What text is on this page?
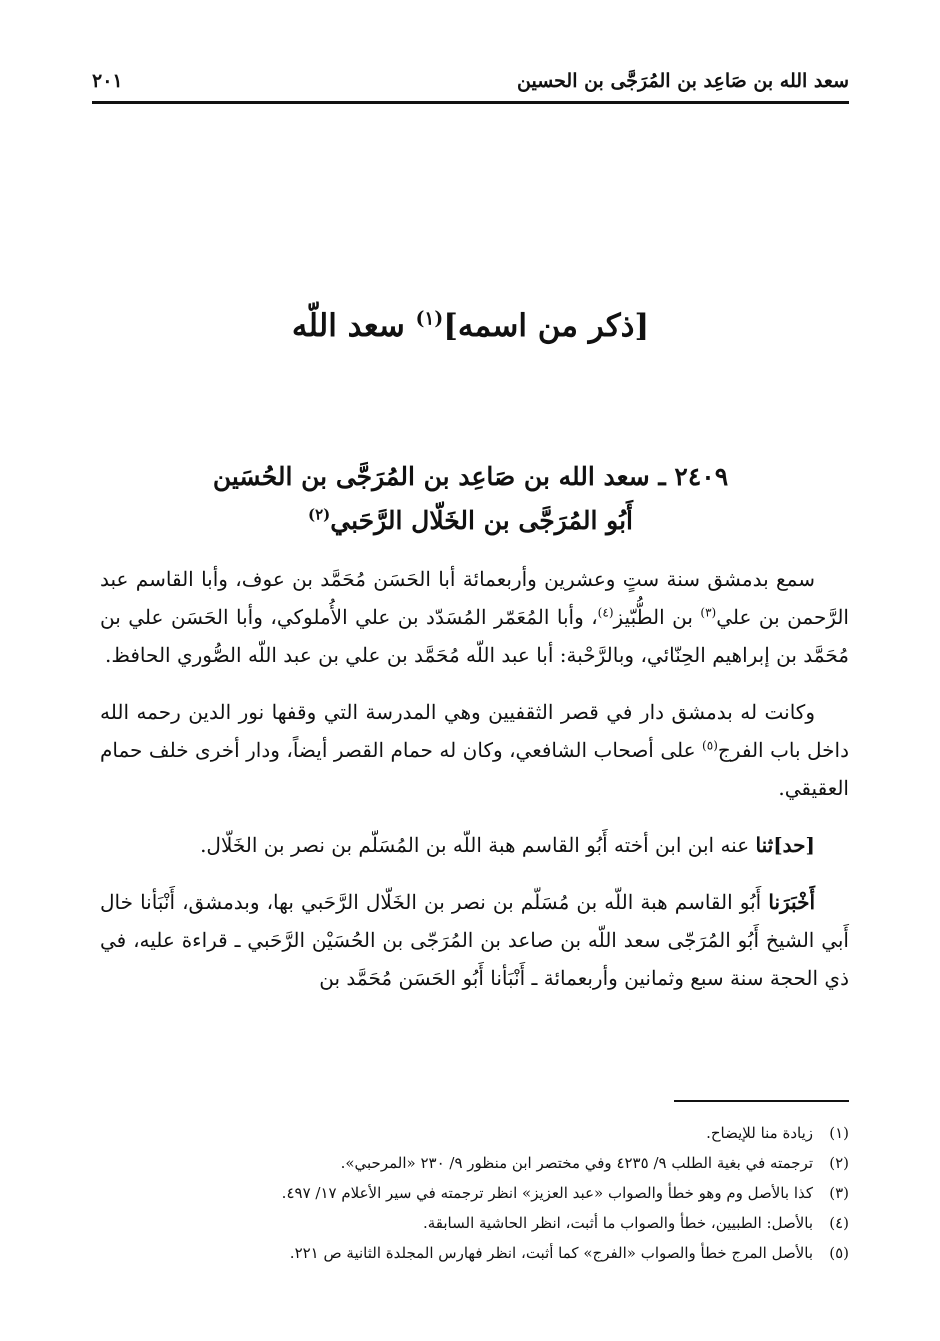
سعد الله بن صَاعِد بن المُرَجَّى بن الحسين
٢٠١
[ذكر من اسمه]$^{(١)}$ سعد اللّه
٢٤٠٩ ـ سعد الله بن صَاعِد بن المُرَجَّى بن الحُسَين
أَبُو المُرَجَّى بن الخَلّال الرَّحَبي$^{(٢)}$

سمع بدمشق سنة ستٍ وعشرين وأربعمائة أبا الحَسَن مُحَمَّد بن عوف، وأبا القاسم عبد الرَّحمن بن علي$^{(٣)}$ بن الطُّبّيز$^{(٤)}$، وأبا المُعَمّر المُسَدّد بن علي الأُملوكي، وأبا الحَسَن علي بن مُحَمَّد بن إبراهيم الحِنّائي، وبالرَّحْبة: أبا عبد اللّه مُحَمَّد بن علي بن عبد اللّه الصُّوري الحافظ.

وكانت له بدمشق دار في قصر الثقفيين وهي المدرسة التي وقفها نور الدين رحمه الله داخل باب الفرج$^{(٥)}$ على أصحاب الشافعي، وكان له حمام القصر أيضاً، ودار أخرى خلف حمام العقيقي.

[حد]ثنا عنه ابن ابن أخته أَبُو القاسم هبة اللّه بن المُسَلّم بن نصر بن الخَلّال.

أَخْبَرَنا أَبُو القاسم هبة اللّه بن مُسَلّم بن نصر بن الخَلّال الرَّحَبي بها، وبدمشق، أَنْبَأنا خال أَبي الشيخ أَبُو المُرَجّى سعد اللّه بن صاعد بن المُرَجّى بن الحُسَيْن الرَّحَبي ـ قراءة عليه، في ذي الحجة سنة سبع وثمانين وأربعمائة ـ أَنْبَأنا أَبُو الحَسَن مُحَمَّد بن

(١)زيادة منا للإيضاح.
(٢)ترجمته في بغية الطلب ٩/ ٤٢٣٥ وفي مختصر ابن منظور ٩/ ٢٣٠ «المرحبي».
(٣)كذا بالأصل وم وهو خطأ والصواب «عبد العزيز» انظر ترجمته في سير الأعلام ١٧/ ٤٩٧.
(٤)بالأصل: الطبيين، خطأ والصواب ما أثبت، انظر الحاشية السابقة.
(٥)بالأصل المرج خطأ والصواب «الفرج» كما أثبت، انظر فهارس المجلدة الثانية ص ٢٢١.
